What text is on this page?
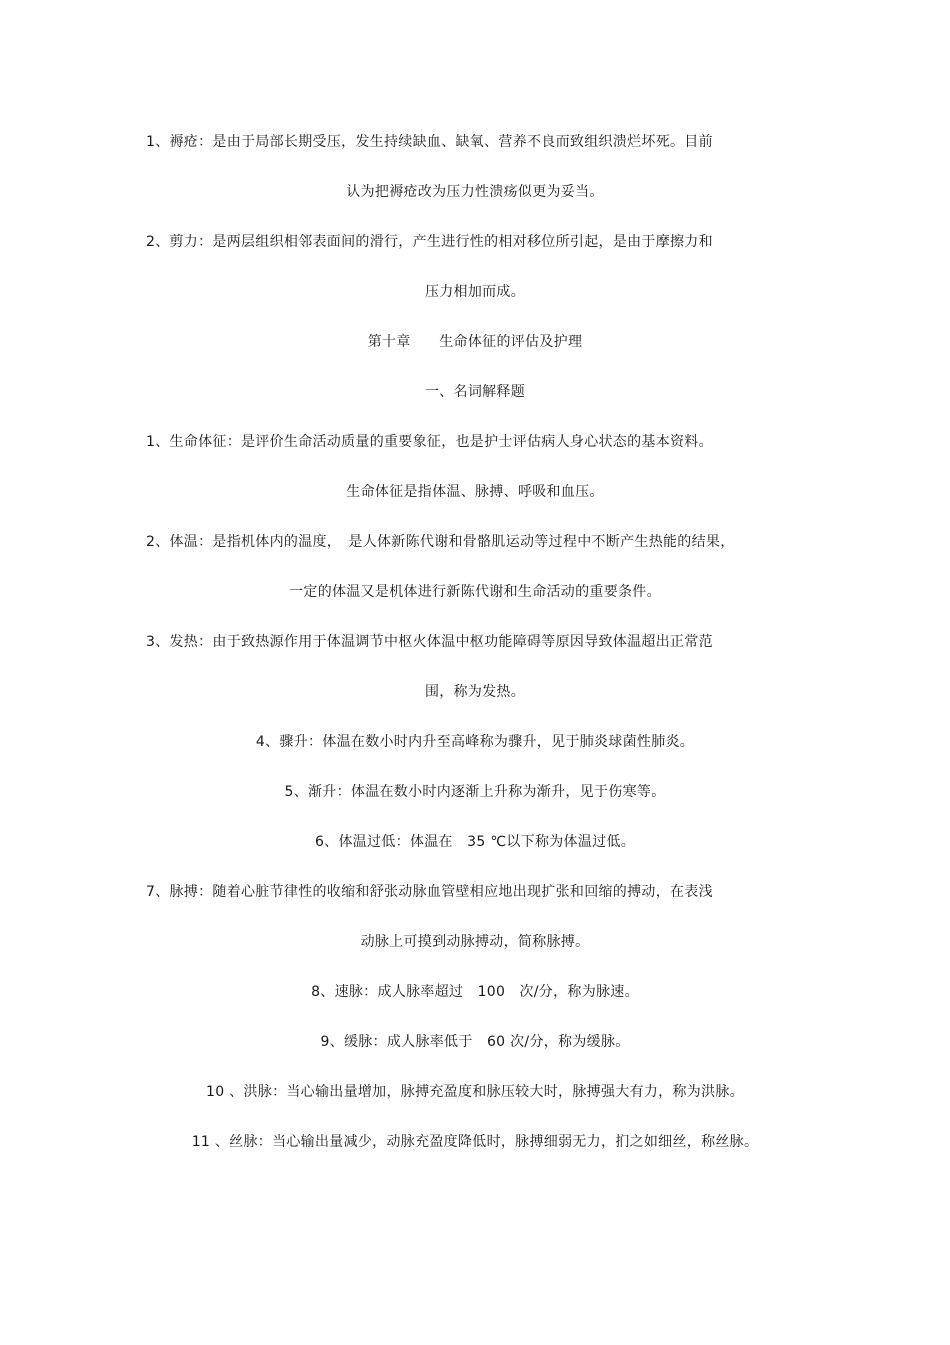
1、褥疮：是由于局部长期受压，发生持续缺血、缺氧、营养不良而致组织溃烂坏死。目前
认为把褥疮改为压力性溃疡似更为妥当。
2、剪力：是两层组织相邻表面间的滑行，产生进行性的相对移位所引起，是由于摩擦力和
压力相加而成。
第十章　　生命体征的评估及护理
一、名词解释题
1、生命体征：是评价生命活动质量的重要象征，也是护士评估病人身心状态的基本资料。
生命体征是指体温、脉搏、呼吸和血压。
2、体温：是指机体内的温度，　是人体新陈代谢和骨骼肌运动等过程中不断产生热能的结果，
一定的体温又是机体进行新陈代谢和生命活动的重要条件。
3、发热：由于致热源作用于体温调节中枢火体温中枢功能障碍等原因导致体温超出正常范
围，称为发热。
4、骤升：体温在数小时内升至高峰称为骤升，见于肺炎球菌性肺炎。
5、渐升：体温在数小时内逐渐上升称为渐升，见于伤寒等。
6、体温过低：体温在　35 ℃以下称为体温过低。
7、脉搏：随着心脏节律性的收缩和舒张动脉血管壁相应地出现扩张和回缩的搏动，在表浅
动脉上可摸到动脉搏动，简称脉搏。
8、速脉：成人脉率超过　100　次/分，称为脉速。
9、缓脉：成人脉率低于　60 次/分，称为缓脉。
10 、洪脉：当心输出量增加，脉搏充盈度和脉压较大时，脉搏强大有力，称为洪脉。
11 、丝脉：当心输出量减少，动脉充盈度降低时，脉搏细弱无力，扪之如细丝，称丝脉。
